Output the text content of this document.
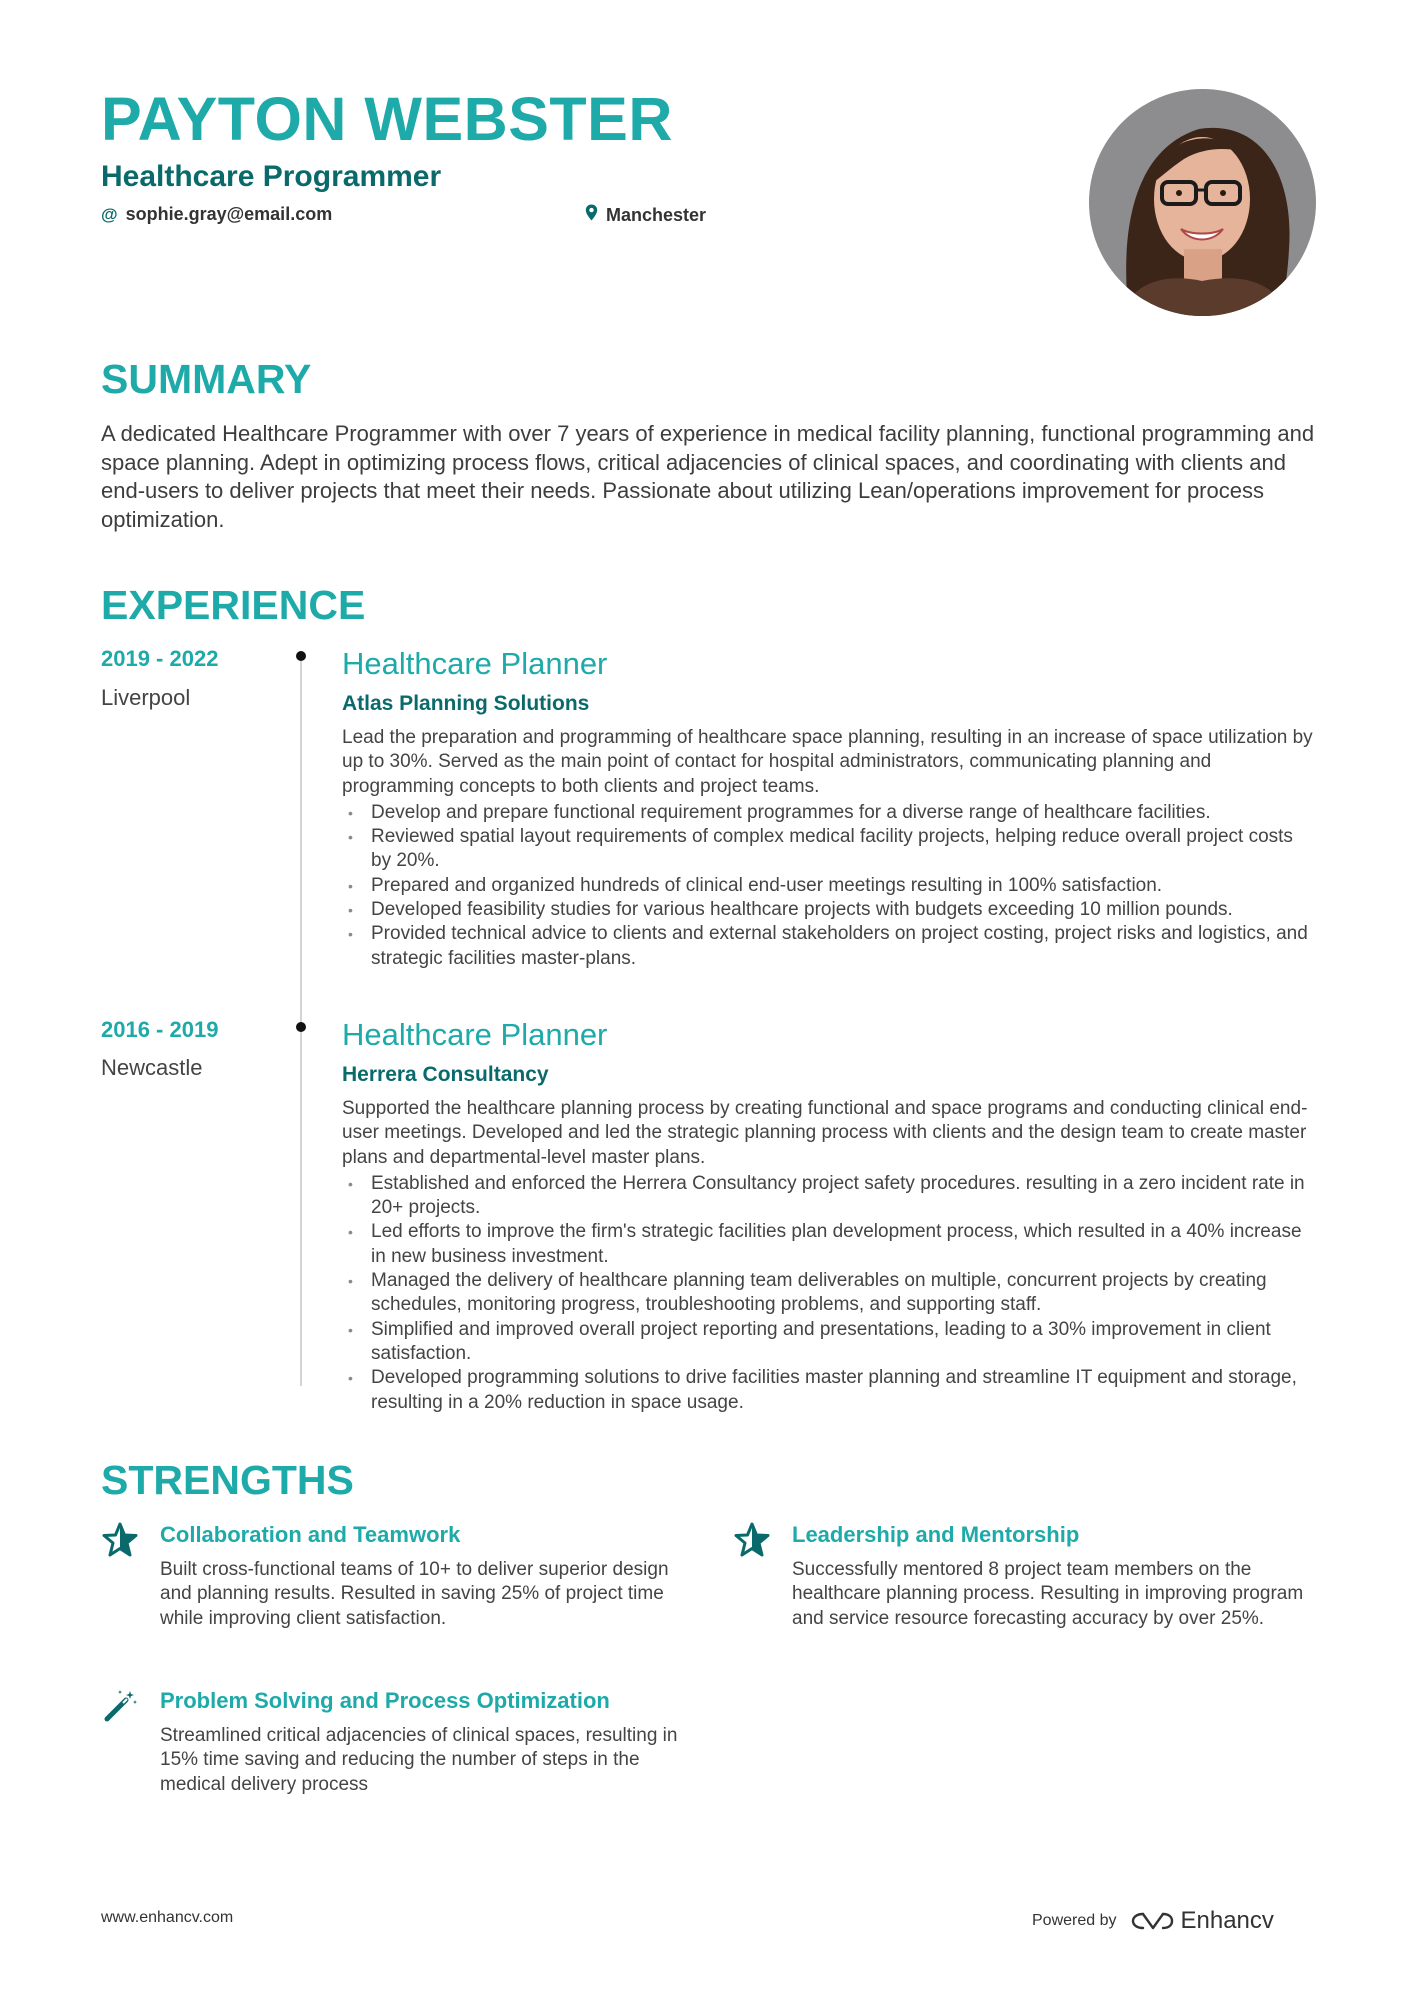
PAYTON WEBSTER
Healthcare Programmer
@ sophie.gray@email.com	Manchester
SUMMARY

A dedicated Healthcare Programmer with over 7 years of experience in medical facility planning, functional programming and space planning. Adept in optimizing process flows, critical adjacencies of clinical spaces, and coordinating with clients and end-users to deliver projects that meet their needs. Passionate about utilizing Lean/operations improvement for process optimization.

EXPERIENCE
2019 - 2022
Liverpool
Healthcare Planner
Atlas Planning Solutions

Lead the preparation and programming of healthcare space planning, resulting in an increase of space utilization by up to 30%. Served as the main point of contact for hospital administrators, communicating planning and programming concepts to both clients and project teams.

• Develop and prepare functional requirement programmes for a diverse range of healthcare facilities.
• Reviewed spatial layout requirements of complex medical facility projects, helping reduce overall project costs by 20%.
• Prepared and organized hundreds of clinical end-user meetings resulting in 100% satisfaction.
• Developed feasibility studies for various healthcare projects with budgets exceeding 10 million pounds.
• Provided technical advice to clients and external stakeholders on project costing, project risks and logistics, and strategic facilities master-plans.
2016 - 2019
Newcastle
Healthcare Planner
Herrera Consultancy

Supported the healthcare planning process by creating functional and space programs and conducting clinical end-user meetings. Developed and led the strategic planning process with clients and the design team to create master plans and departmental-level master plans.

• Established and enforced the Herrera Consultancy project safety procedures. resulting in a zero incident rate in 20+ projects.
• Led efforts to improve the firm's strategic facilities plan development process, which resulted in a 40% increase in new business investment.
• Managed the delivery of healthcare planning team deliverables on multiple, concurrent projects by creating schedules, monitoring progress, troubleshooting problems, and supporting staff.
• Simplified and improved overall project reporting and presentations, leading to a 30% improvement in client satisfaction.
• Developed programming solutions to drive facilities master planning and streamline IT equipment and storage, resulting in a 20% reduction in space usage.
STRENGTHS
Collaboration and Teamwork

Built cross-functional teams of 10+ to deliver superior design and planning results. Resulted in saving 25% of project time while improving client satisfaction.

Leadership and Mentorship

Successfully mentored 8 project team members on the healthcare planning process. Resulting in improving program and service resource forecasting accuracy by over 25%.

Problem Solving and Process Optimization

Streamlined critical adjacencies of clinical spaces, resulting in 15% time saving and reducing the number of steps in the medical delivery process

www.enhancv.com	Powered by	Enhancv
